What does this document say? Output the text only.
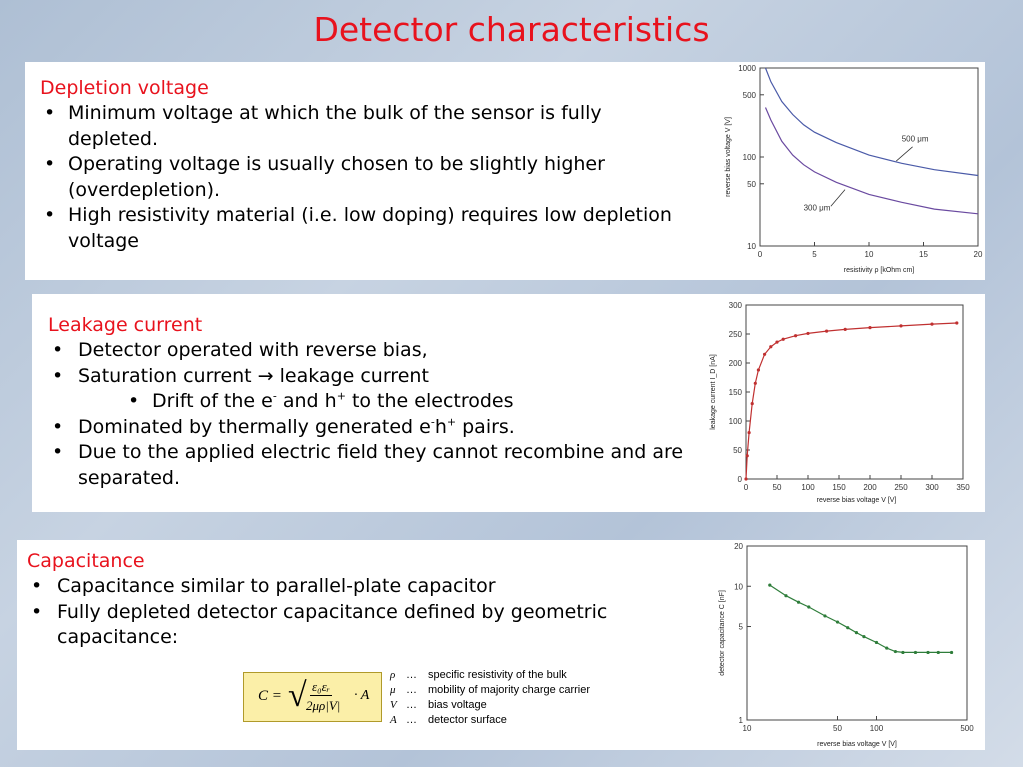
Detector characteristics
Depletion voltage
• Minimum voltage at which the bulk of the sensor is fully depleted.
• Operating voltage is usually chosen to be slightly higher (overdepletion).
• High resistivity material (i.e. low doping) requires low depletion voltage
0	5	10	15	20
10
50
100
500
1000
resistivity ρ [kOhm cm]
reverse bias voltage V [V]	500 μm
300 μm
Leakage current
• Detector operated with reverse bias,
• Saturation current → leakage current
• Drift of the e- and h+ to the electrodes
• Dominated by thermally generated e-h+ pairs.
• Due to the applied electric field they cannot recombine and are separated.	0	50 100 150 200 250 300 350
0
50
100
150
200
250
300
reverse bias voltage V [V]
leakage current I_D [nA]
Capacitance
• Capacitance similar to parallel-plate capacitor
• Fully depleted detector capacitance defined by geometric capacitance:
C = √ ε₀εᵣ
2μρ|V|
· A
ρ … specific resistivity of the bulk
μ … mobility of majority charge carrier
V … bias voltage
A … detector surface
10	50	100	500
1
5
10
20
reverse bias voltage V [V]
detector capacitance C [nF]
